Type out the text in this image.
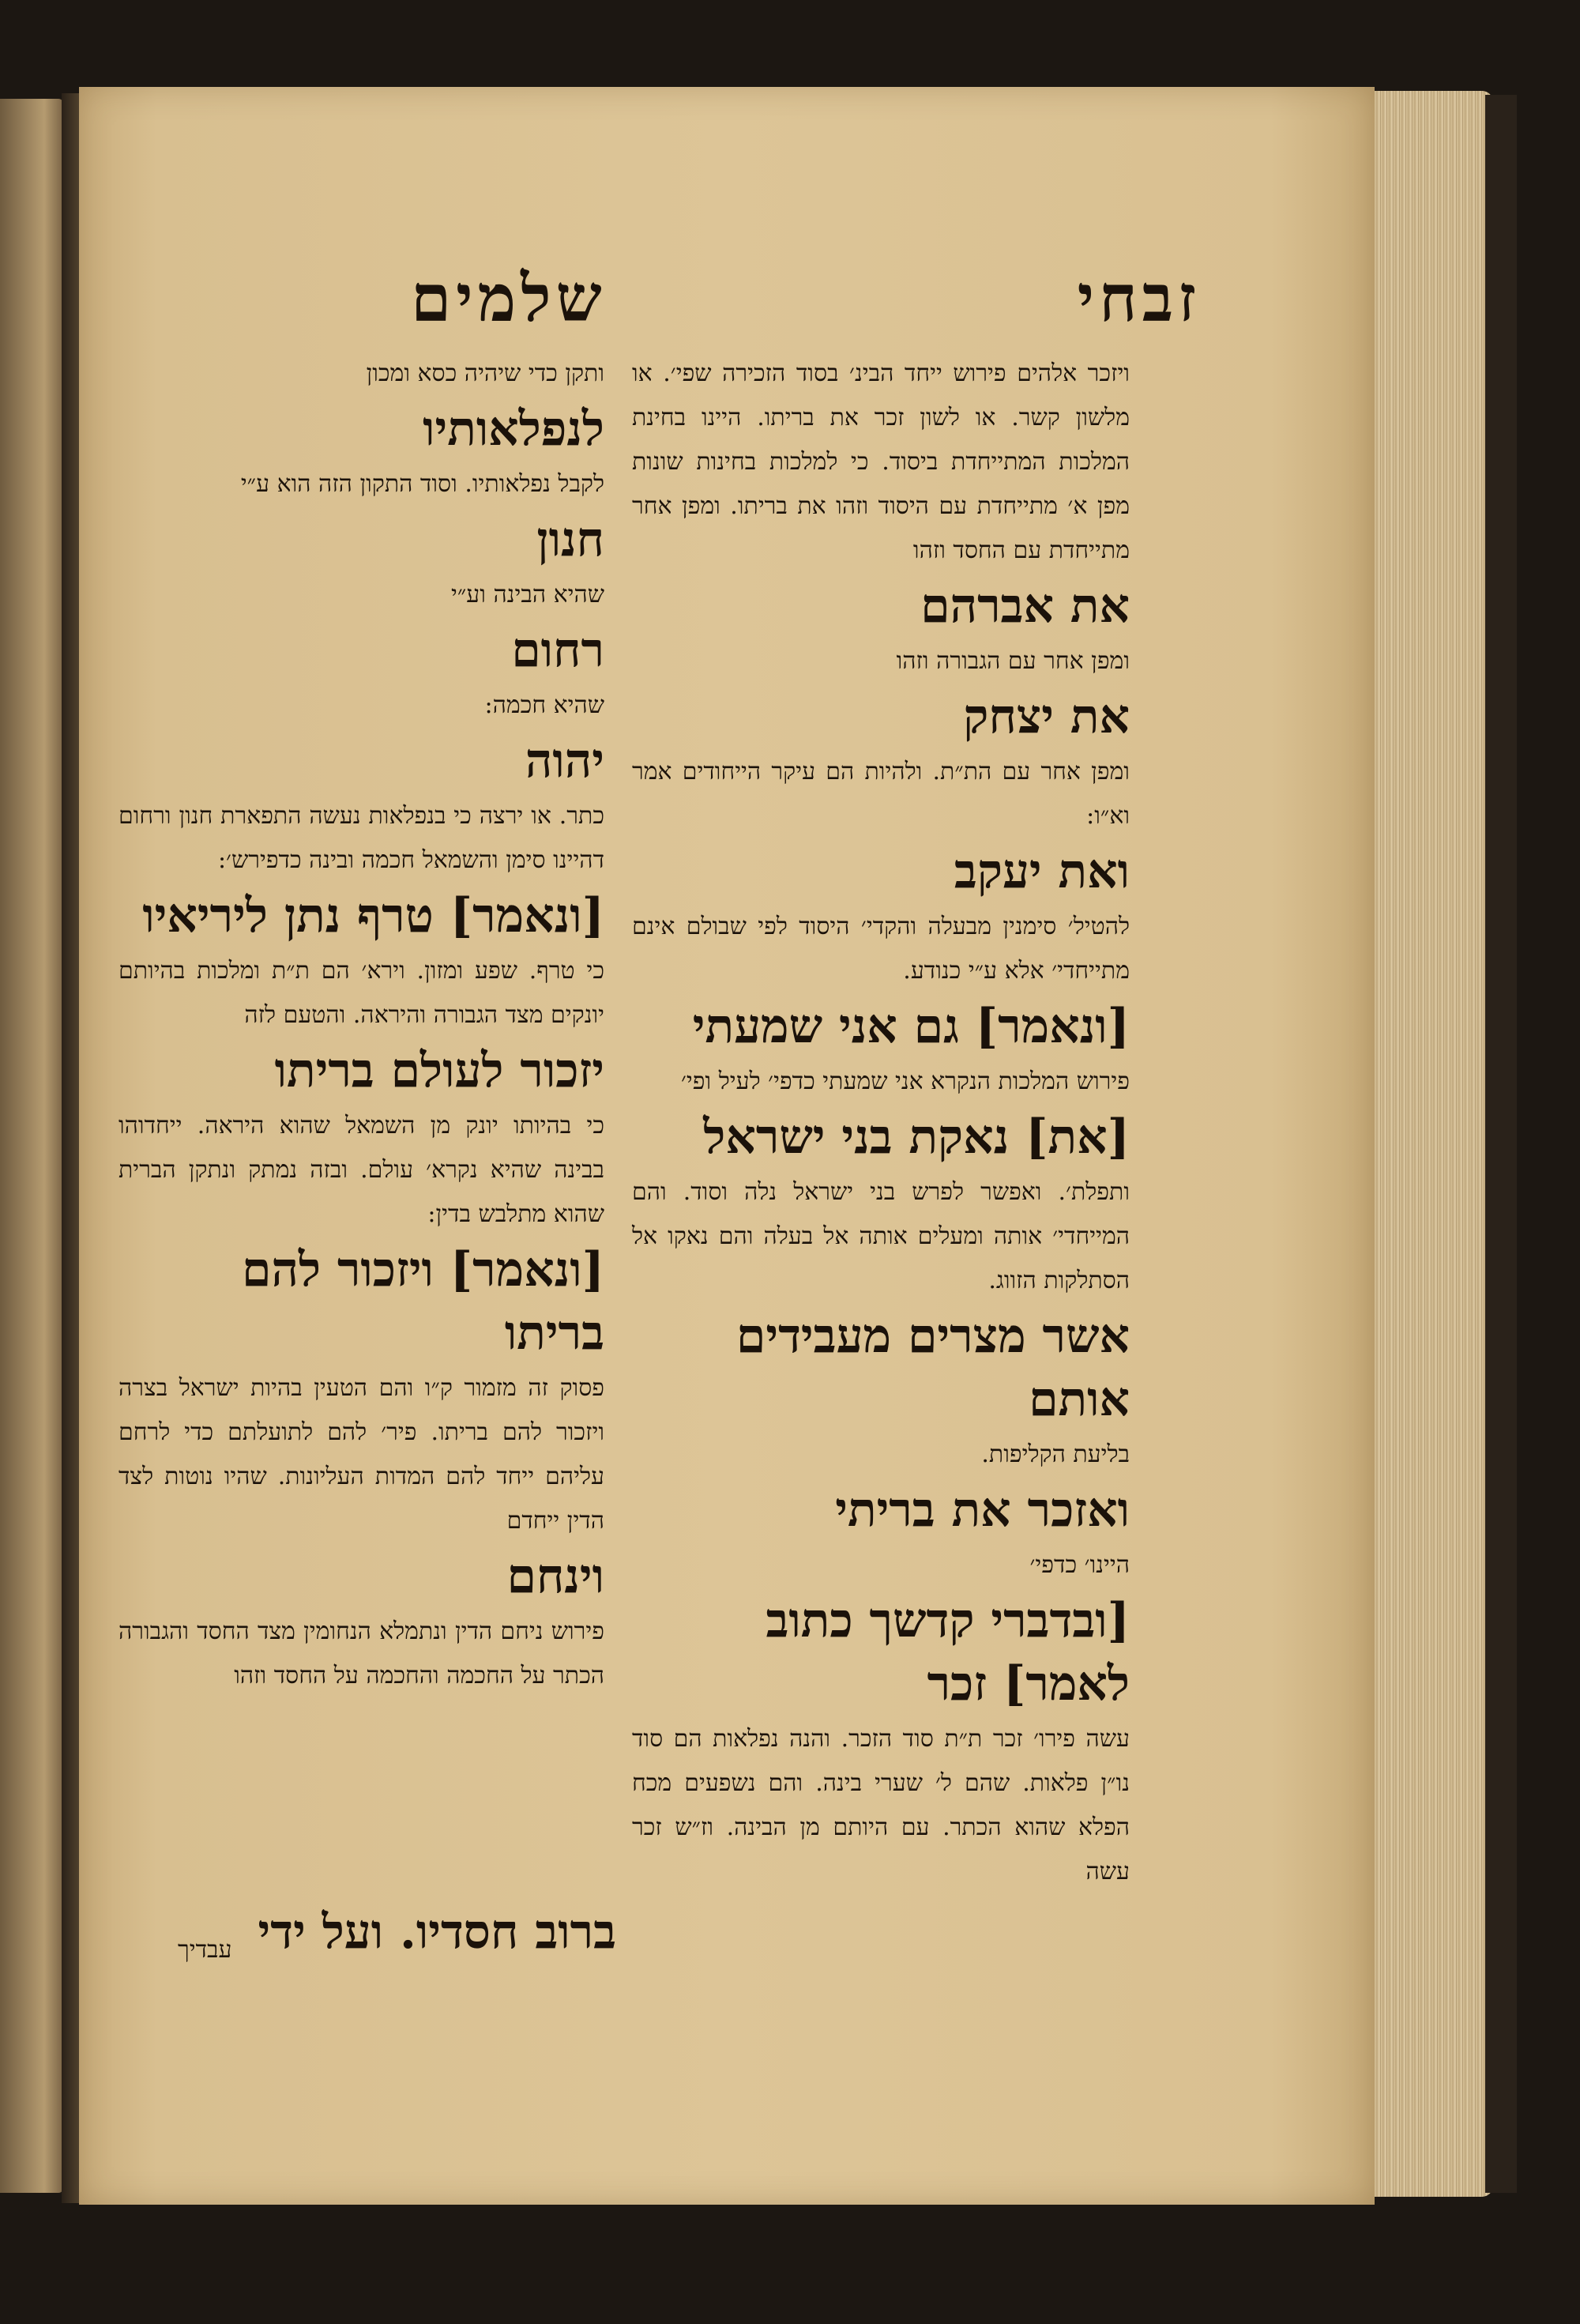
זבחי
שלמים

ויזכר אלהים פירוש ייחד הבינ׳ בסוד הזכירה שפי׳. או מלשון קשר. או לשון זכר את בריתו. היינו בחינת המלכות המתייחדת ביסוד. כי למלכות בחינות שונות מפן א׳ מתייחדת עם היסוד וזהו את בריתו. ומפן אחר מתייחדת עם החסד וזהו

את אברהם

ומפן אחר עם הגבורה וזהו

את יצחק

ומפן אחר עם הת״ת. ולהיות הם עיקר הייחודים אמר וא״ו:

ואת יעקב

להטיל׳ סימנין מבעלה והקדי׳ היסוד לפי שבולם אינם מתייחדי׳ אלא ע״י כנודע.

[ונאמר] גם אני שמעתי

פירוש המלכות הנקרא אני שמעתי כדפי׳ לעיל ופי׳

[את] נאקת בני ישראל

ותפלת׳. ואפשר לפרש בני ישראל נלה וסוד. והם המייחדי׳ אותה ומעלים אותה אל בעלה והם נאקו אל הסתלקות הזווג.

אשר מצרים מעבידים

אותם

בליעת הקליפות.

ואזכר את בריתי

היינו׳ כדפי׳

[ובדברי קדשך כתוב

לאמר] זכר

עשה פירו׳ זכר ת״ת סוד הזכר. והנה נפלאות הם סוד נו״ן פלאות. שהם ל׳ שערי בינה. והם נשפעים מכח הפלא שהוא הכתר. עם היותם מן הבינה. וז״ש זכר עשה

ותקן כדי שיהיה כסא ומכון

לנפלאותיו

לקבל נפלאותיו. וסוד התקון הזה הוא ע״י

חנון

שהיא הבינה וע״י

רחום

שהיא חכמה:

יהוה

כתר. או ירצה כי בנפלאות נעשה התפארת חנון ורחום דהיינו סימן והשמאל חכמה ובינה כדפירש׳:

[ונאמר] טרף נתן ליריאיו

כי טרף. שפע ומזון. וירא׳ הם ת״ת ומלכות בהיותם יונקים מצד הגבורה והיראה. והטעם לזה

יזכור לעולם בריתו

כי בהיותו יונק מן השמאל שהוא היראה. ייחדוהו בבינה שהיא נקרא׳ עולם. ובזה נמתק ונתקן הברית שהוא מתלבש בדין:

[ונאמר] ויזכור להם

בריתו

פסוק זה מזמור ק״ו והם הטעין בהיות ישראל בצרה ויזכור להם בריתו. פיר׳ להם לתועלתם כדי לרחם עליהם ייחד להם המדות העליונות. שהיו נוטות לצד הדין ייחדם

וינחם

פירוש ניחם הדין ונתמלא הנחומין מצד החסד והגבורה הכתר על החכמה והחכמה על החסד וזהו

ברוב חסדיו. ועל ידי
עבדיך
